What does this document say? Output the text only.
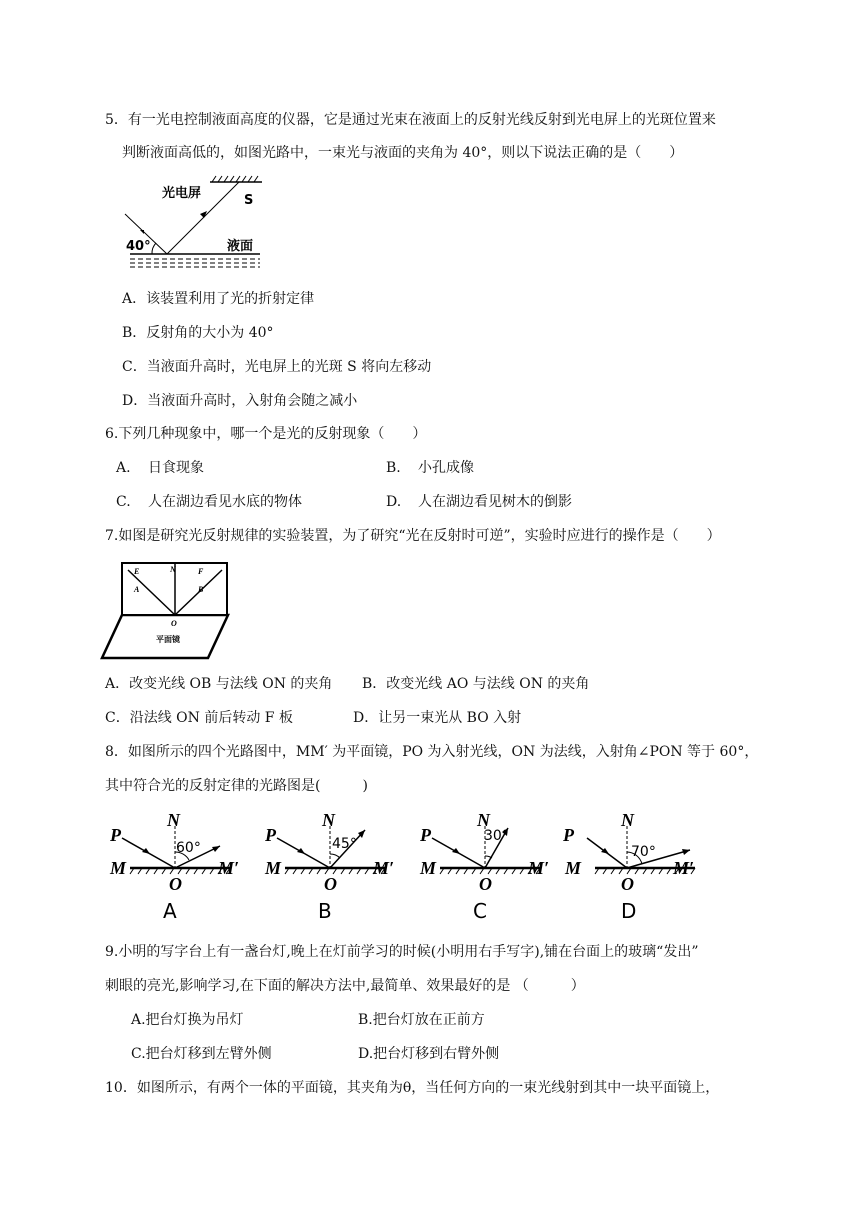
5．有一光电控制液面高度的仪器，它是通过光束在液面上的反射光线反射到光电屏上的光斑位置来
判断液面高低的，如图光路中，一束光与液面的夹角为 40°，则以下说法正确的是（　　）
光电屏	S
40°	液面
A．该装置利用了光的折射定律
B．反射角的大小为 40°
C．当液面升高时，光电屏上的光斑 S 将向左移动
D．当液面升高时，入射角会随之减小
6.下列几种现象中，哪一个是光的反射现象（　　）
A. 日食现象	B. 小孔成像
C. 人在湖边看见水底的物体	D. 人在湖边看见树木的倒影
7.如图是研究光反射规律的实验装置，为了研究“光在反射时可逆”，实验时应进行的操作是（　　）
E	N	F
A	B
O
平面镜
A．改变光线 OB 与法线 ON 的夹角 B．改变光线 AO 与法线 ON 的夹角
C．沿法线 ON 前后转动 F 板	D．让另一束光从 BO 入射
8．如图所示的四个光路图中，MM′ 为平面镜，PO 为入射光线，ON 为法线，入射角∠PON 等于 60°，
其中符合光的反射定律的光路图是(　　　)
P
N
60°
M	M′
O
A
P
N
45°
M	M′
O
B
P
N
30°
M	M′
O
C
P
N
70°
M	M′
O
D
9.小明的写字台上有一盏台灯,晚上在灯前学习的时候(小明用右手写字),铺在台面上的玻璃“发出”
刺眼的亮光,影响学习,在下面的解决方法中,最简单、效果最好的是 （　　　）
A.把台灯换为吊灯	B.把台灯放在正前方
C.把台灯移到左臂外侧	D.把台灯移到右臂外侧
10．如图所示，有两个一体的平面镜，其夹角为θ，当任何方向的一束光线射到其中一块平面镜上，
